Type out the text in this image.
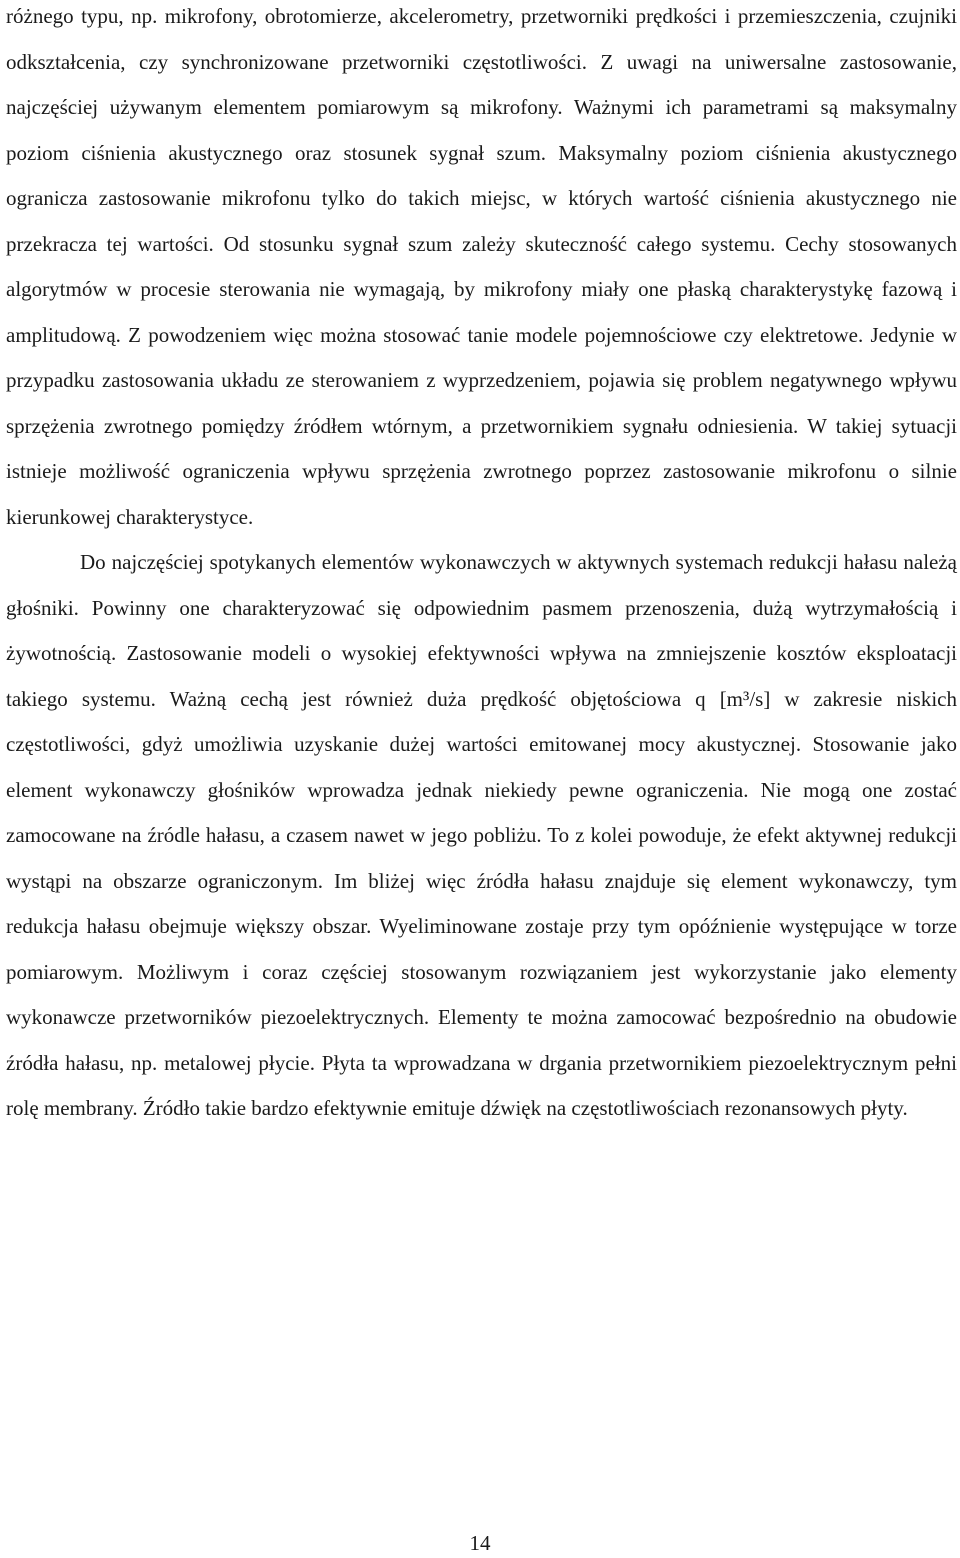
różnego typu, np. mikrofony, obrotomierze, akcelerometry, przetworniki prędkości i przemieszczenia, czujniki odkształcenia, czy synchronizowane przetworniki częstotliwości. Z uwagi na uniwersalne zastosowanie, najczęściej używanym elementem pomiarowym są mikrofony. Ważnymi ich parametrami są maksymalny poziom ciśnienia akustycznego oraz stosunek sygnał szum. Maksymalny poziom ciśnienia akustycznego ogranicza zastosowanie mikrofonu tylko do takich miejsc, w których wartość ciśnienia akustycznego nie przekracza tej wartości. Od stosunku sygnał szum zależy skuteczność całego systemu. Cechy stosowanych algorytmów w procesie sterowania nie wymagają, by mikrofony miały one płaską charakterystykę fazową i amplitudową. Z powodzeniem więc można stosować tanie modele pojemnościowe czy elektretowe. Jedynie w przypadku zastosowania układu ze sterowaniem z wyprzedzeniem, pojawia się problem negatywnego wpływu sprzężenia zwrotnego pomiędzy źródłem wtórnym, a przetwornikiem sygnału odniesienia. W takiej sytuacji istnieje możliwość ograniczenia wpływu sprzężenia zwrotnego poprzez zastosowanie mikrofonu o silnie kierunkowej charakterystyce.

Do najczęściej spotykanych elementów wykonawczych w aktywnych systemach redukcji hałasu należą głośniki. Powinny one charakteryzować się odpowiednim pasmem przenoszenia, dużą wytrzymałością i żywotnością. Zastosowanie modeli o wysokiej efektywności wpływa na zmniejszenie kosztów eksploatacji takiego systemu. Ważną cechą jest również duża prędkość objętościowa q [m³/s] w zakresie niskich częstotliwości, gdyż umożliwia uzyskanie dużej wartości emitowanej mocy akustycznej. Stosowanie jako element wykonawczy głośników wprowadza jednak niekiedy pewne ograniczenia. Nie mogą one zostać zamocowane na źródle hałasu, a czasem nawet w jego pobliżu. To z kolei powoduje, że efekt aktywnej redukcji wystąpi na obszarze ograniczonym. Im bliżej więc źródła hałasu znajduje się element wykonawczy, tym redukcja hałasu obejmuje większy obszar. Wyeliminowane zostaje przy tym opóźnienie występujące w torze pomiarowym. Możliwym i coraz częściej stosowanym rozwiązaniem jest wykorzystanie jako elementy wykonawcze przetworników piezoelektrycznych. Elementy te można zamocować bezpośrednio na obudowie źródła hałasu, np. metalowej płycie. Płyta ta wprowadzana w drgania przetwornikiem piezoelektrycznym pełni rolę membrany. Źródło takie bardzo efektywnie emituje dźwięk na częstotliwościach rezonansowych płyty.

14
